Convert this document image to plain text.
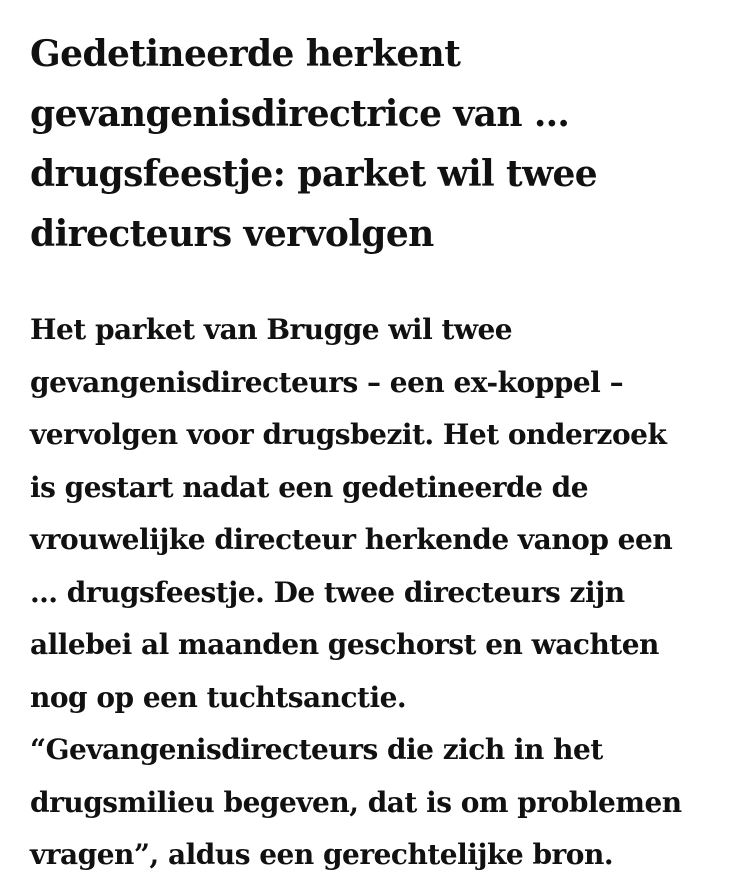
Gedetineerde herkent
gevangenisdirectrice van …
drugsfeestje: parket wil twee
directeurs vervolgen

Het parket van Brugge wil twee
gevangenisdirecteurs – een ex-koppel –
vervolgen voor drugsbezit. Het onderzoek
is gestart nadat een gedetineerde de
vrouwelijke directeur herkende vanop een
… drugsfeestje. De twee directeurs zijn
allebei al maanden geschorst en wachten
nog op een tuchtsanctie.
“Gevangenisdirecteurs die zich in het
drugsmilieu begeven, dat is om problemen
vragen”, aldus een gerechtelijke bron.
